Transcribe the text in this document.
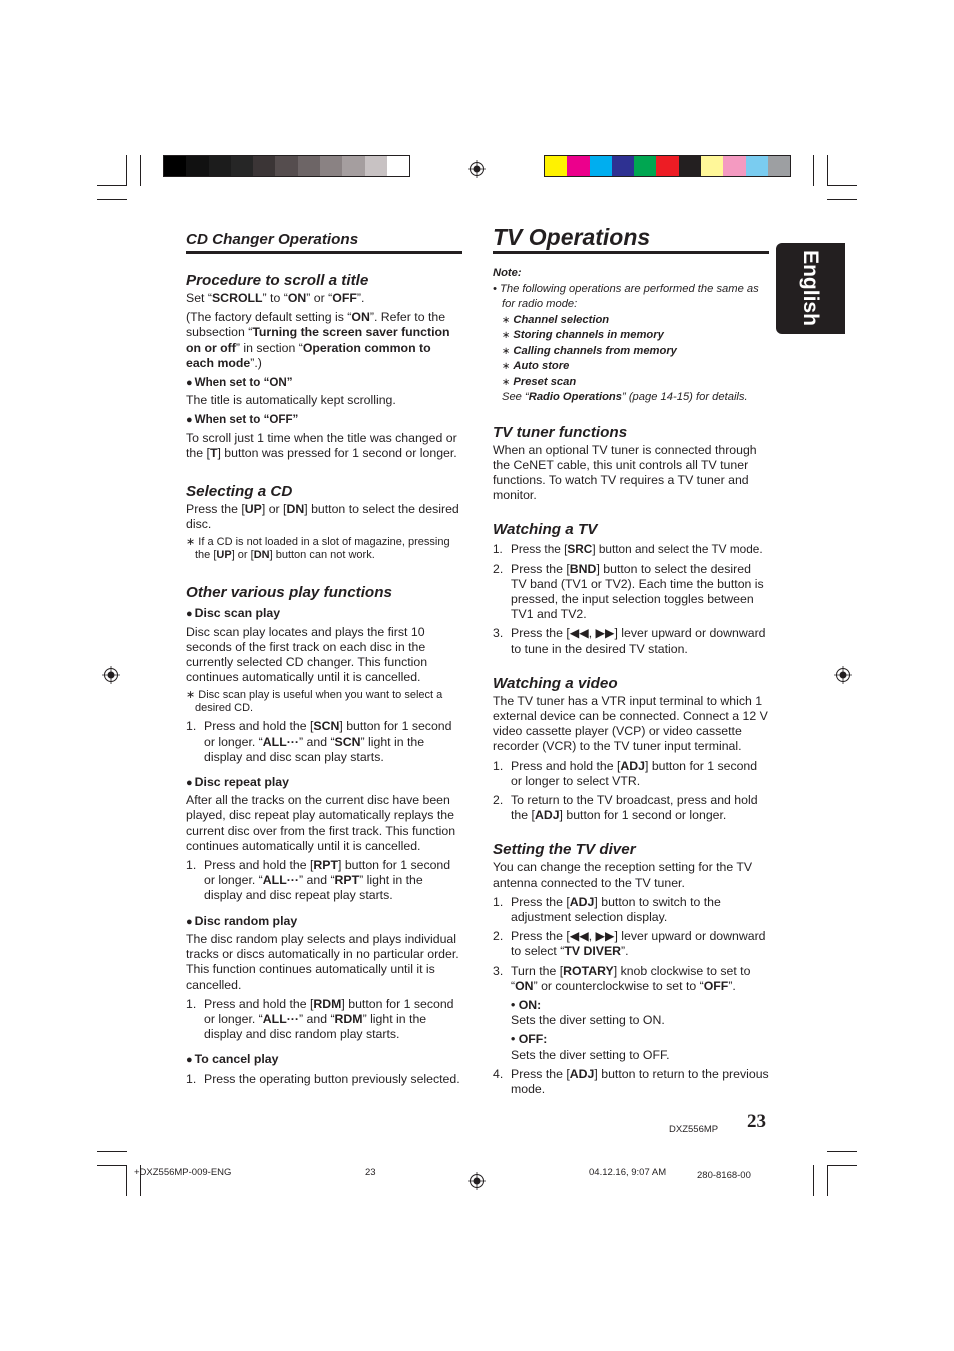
CD Changer Operations
Procedure to scroll a title

Set “SCROLL” to “ON” or “OFF”.

(The factory default setting is “ON”. Refer to the subsection “Turning the screen saver function on or off” in section “Operation common to each mode”.)

● When set to “ON”

The title is automatically kept scrolling.

● When set to “OFF”

To scroll just 1 time when the title was changed or the [T] button was pressed for 1 second or longer.

Selecting a CD

Press the [UP] or [DN] button to select the desired disc.

∗ If a CD is not loaded in a slot of magazine, pressing the [UP] or [DN] button can not work.
Other various play functions
● Disc scan play

Disc scan play locates and plays the first 10 seconds of the first track on each disc in the currently selected CD changer. This function continues automatically until it is cancelled.

∗ Disc scan play is useful when you want to select a desired CD.
1. Press and hold the [SCN] button for 1 second or longer. “ALL···” and “SCN” light in the display and disc scan play starts.
● Disc repeat play

After all the tracks on the current disc have been played, disc repeat play automatically replays the current disc over from the first track. This function continues automatically until it is cancelled.

1. Press and hold the [RPT] button for 1 second or longer. “ALL···” and “RPT” light in the display and disc repeat play starts.
● Disc random play

The disc random play selects and plays individual tracks or discs automatically in no particular order. This function continues automatically until it is cancelled.

1. Press and hold the [RDM] button for 1 second or longer. “ALL···” and “RDM” light in the display and disc random play starts.
● To cancel play
1. Press the operating button previously selected.
TV Operations
Note:
• The following operations are performed the same as for radio mode:
∗ Channel selection
∗ Storing channels in memory
∗ Calling channels from memory
∗ Auto store
∗ Preset scan
See “Radio Operations” (page 14-15) for details.
TV tuner functions

When an optional TV tuner is connected through the CeNET cable, this unit controls all TV tuner functions. To watch TV requires a TV tuner and monitor.

Watching a TV
1. Press the [SRC] button and select the TV mode.
2. Press the [BND] button to select the desired TV band (TV1 or TV2). Each time the button is pressed, the input selection toggles between TV1 and TV2.
3. Press the [◀◀, ▶▶] lever upward or downward to tune in the desired TV station.
Watching a video

The TV tuner has a VTR input terminal to which 1 external device can be connected. Connect a 12 V video cassette player (VCP) or video cassette recorder (VCR) to the TV tuner input terminal.

1. Press and hold the [ADJ] button for 1 second or longer to select VTR.
2. To return to the TV broadcast, press and hold the [ADJ] button for 1 second or longer.
Setting the TV diver

You can change the reception setting for the TV antenna connected to the TV tuner.

1. Press the [ADJ] button to switch to the adjustment selection display.
2. Press the [◀◀, ▶▶] lever upward or downward to select “TV DIVER”.
3. Turn the [ROTARY] knob clockwise to set to “ON” or counterclockwise to set to “OFF”.
• ON:

Sets the diver setting to ON.

• OFF:

Sets the diver setting to OFF.

4. Press the [ADJ] button to return to the previous mode.
English
DXZ556MP 23
+DXZ556MP-009-ENG	23	04.12.16, 9:07 AM	280-8168-00
